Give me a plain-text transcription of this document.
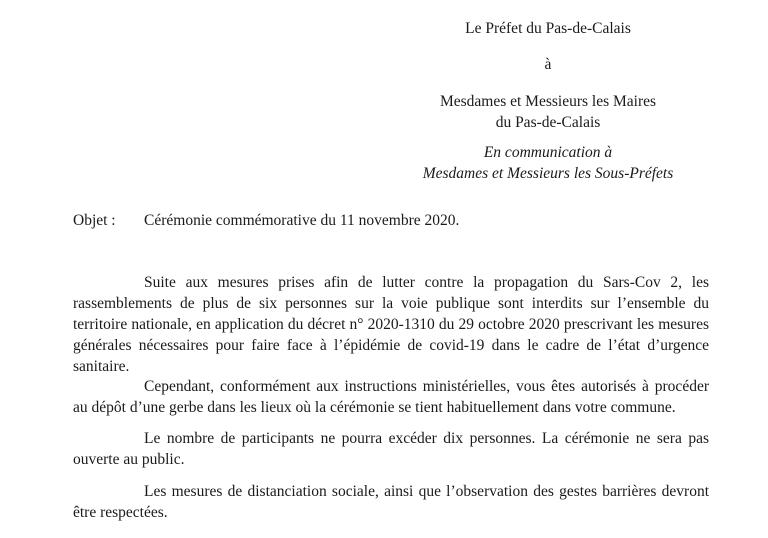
Le Préfet du Pas-de-Calais
à
Mesdames et Messieurs les Maires
du Pas-de-Calais
En communication à
Mesdames et Messieurs les Sous-Préfets
Objet : Cérémonie commémorative du 11 novembre 2020.

Suite aux mesures prises afin de lutter contre la propagation du Sars-Cov 2, les rassemblements de plus de six personnes sur la voie publique sont interdits sur l’ensemble du territoire nationale, en application du décret n° 2020-1310 du 29 octobre 2020 prescrivant les mesures générales nécessaires pour faire face à l’épidémie de covid-19 dans le cadre de l’état d’urgence sanitaire.

Cependant, conformément aux instructions ministérielles, vous êtes autorisés à procéder au dépôt d’une gerbe dans les lieux où la cérémonie se tient habituellement dans votre commune.

Le nombre de participants ne pourra excéder dix personnes. La cérémonie ne sera pas ouverte au public.

Les mesures de distanciation sociale, ainsi que l’observation des gestes barrières devront être respectées.
